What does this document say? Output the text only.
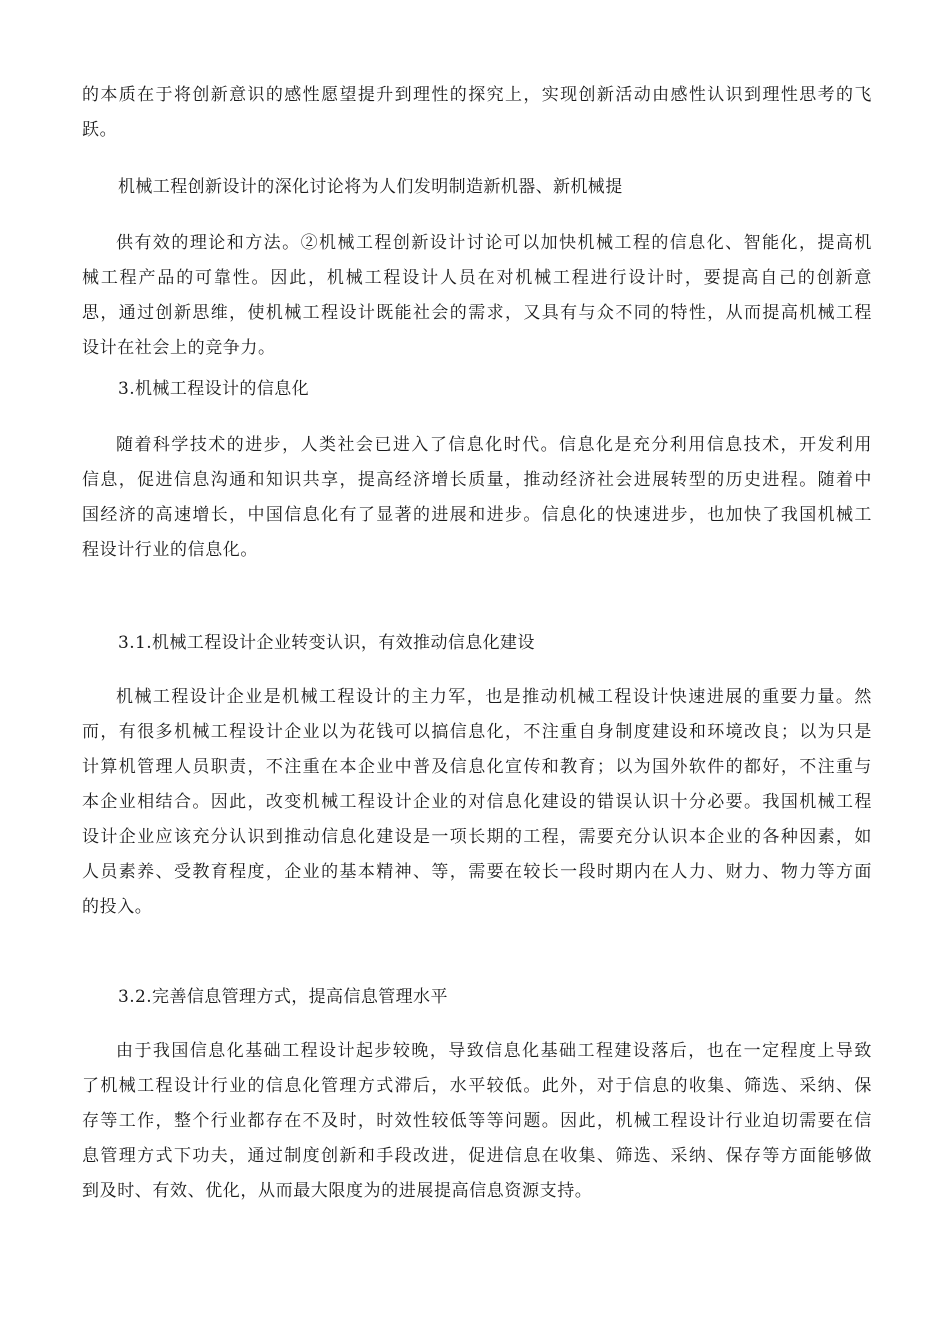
的本质在于将创新意识的感性愿望提升到理性的探究上，实现创新活动由感性认识到理性思考的飞
跃。
机械工程创新设计的深化讨论将为人们发明制造新机器、新机械提
供有效的理论和方法。②机械工程创新设计讨论可以加快机械工程的信息化、智能化，提高机
械工程产品的可靠性。因此，机械工程设计人员在对机械工程进行设计时，要提高自己的创新意
思，通过创新思维，使机械工程设计既能社会的需求，又具有与众不同的特性，从而提高机械工程
设计在社会上的竞争力。
3.机械工程设计的信息化
随着科学技术的进步，人类社会已进入了信息化时代。信息化是充分利用信息技术，开发利用
信息，促进信息沟通和知识共享，提高经济增长质量，推动经济社会进展转型的历史进程。随着中
国经济的高速增长，中国信息化有了显著的进展和进步。信息化的快速进步，也加快了我国机械工
程设计行业的信息化。
3.1.机械工程设计企业转变认识，有效推动信息化建设
机械工程设计企业是机械工程设计的主力军，也是推动机械工程设计快速进展的重要力量。然
而，有很多机械工程设计企业以为花钱可以搞信息化，不注重自身制度建设和环境改良；以为只是
计算机管理人员职责，不注重在本企业中普及信息化宣传和教育；以为国外软件的都好，不注重与
本企业相结合。因此，改变机械工程设计企业的对信息化建设的错误认识十分必要。我国机械工程
设计企业应该充分认识到推动信息化建设是一项长期的工程，需要充分认识本企业的各种因素，如
人员素养、受教育程度，企业的基本精神、等，需要在较长一段时期内在人力、财力、物力等方面
的投入。
3.2.完善信息管理方式，提高信息管理水平
由于我国信息化基础工程设计起步较晚，导致信息化基础工程建设落后，也在一定程度上导致
了机械工程设计行业的信息化管理方式滞后，水平较低。此外，对于信息的收集、筛选、采纳、保
存等工作，整个行业都存在不及时，时效性较低等等问题。因此，机械工程设计行业迫切需要在信
息管理方式下功夫，通过制度创新和手段改进，促进信息在收集、筛选、采纳、保存等方面能够做
到及时、有效、优化，从而最大限度为的进展提高信息资源支持。
